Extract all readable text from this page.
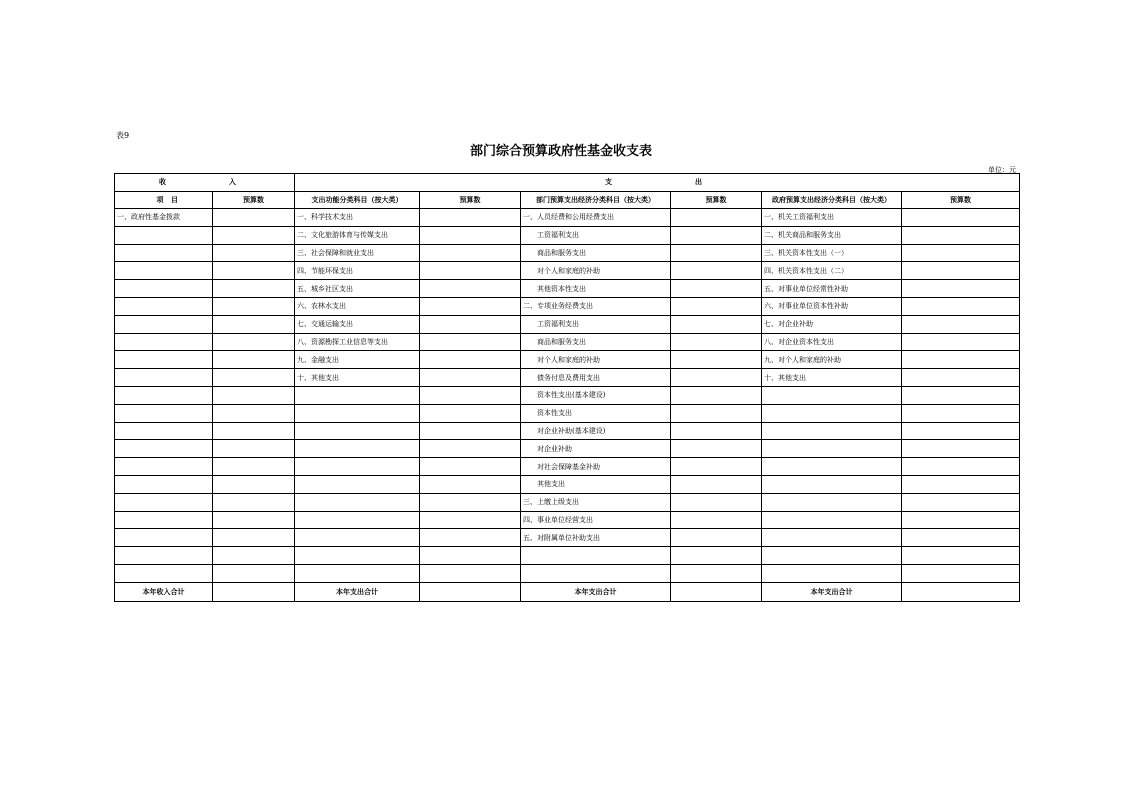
表9
部门综合预算政府性基金收支表
单位：元
收 入		支 出					
项 目	预算数	支出功能分类科目（按大类）	预算数	部门预算支出经济分类科目（按大类）	预算数	政府预算支出经济分类科目（按大类）	预算数
一、政府性基金拨款		一、科学技术支出		一、人员经费和公用经费支出		一、机关工资福利支出	
		二、文化旅游体育与传媒支出		工资福利支出		二、机关商品和服务支出	
		三、社会保障和就业支出		商品和服务支出		三、机关资本性支出（一）	
		四、节能环保支出		对个人和家庭的补助		四、机关资本性支出（二）	
		五、城乡社区支出		其他资本性支出		五、对事业单位经常性补助	
		六、农林水支出		二、专项业务经费支出		六、对事业单位资本性补助	
		七、交通运输支出		工资福利支出		七、对企业补助	
		八、资源勘探工业信息等支出		商品和服务支出		八、对企业资本性支出	
		九、金融支出		对个人和家庭的补助		九、对个人和家庭的补助	
		十、其他支出		债务付息及费用支出		十、其他支出	
				资本性支出(基本建设)			
				资本性支出			
				对企业补助(基本建设)			
				对企业补助			
				对社会保障基金补助			
				其他支出			
				三、上缴上级支出			
				四、事业单位经营支出			
				五、对附属单位补助支出			

本年收入合计		本年支出合计		本年支出合计		本年支出合计	
